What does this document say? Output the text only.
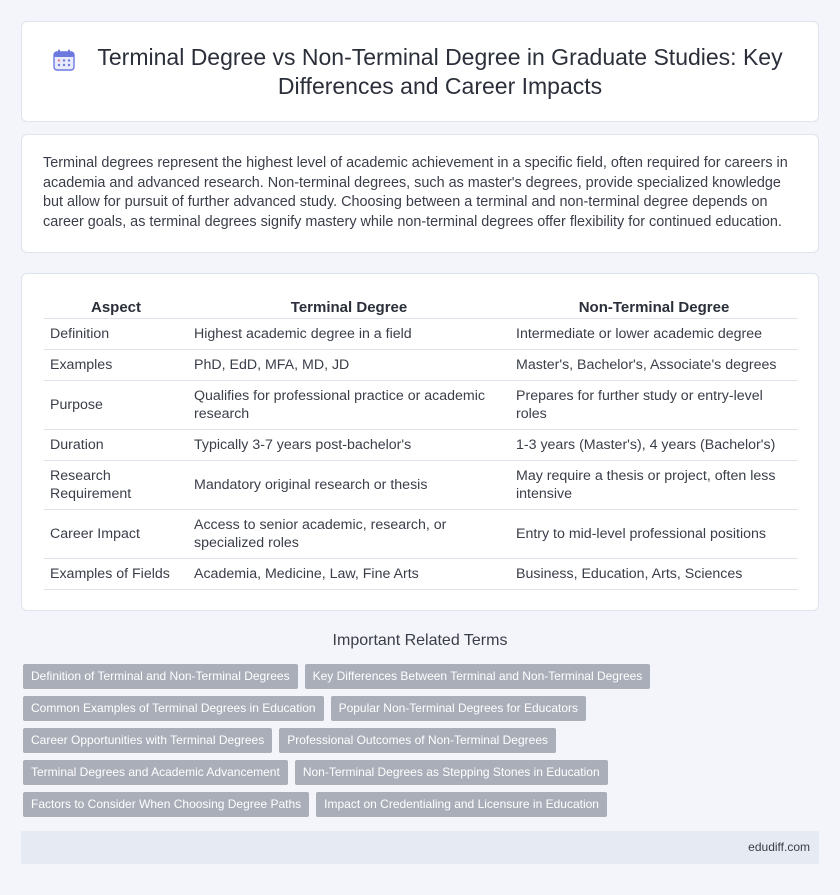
Terminal Degree vs Non-Terminal Degree in Graduate Studies: Key Differences and Career Impacts

Terminal degrees represent the highest level of academic achievement in a specific field, often required for careers in academia and advanced research. Non-terminal degrees, such as master's degrees, provide specialized knowledge but allow for pursuit of further advanced study. Choosing between a terminal and non-terminal degree depends on career goals, as terminal degrees signify mastery while non-terminal degrees offer flexibility for continued education.

Aspect	Terminal Degree	Non-Terminal Degree
Definition	Highest academic degree in a field	Intermediate or lower academic degree
Examples	PhD, EdD, MFA, MD, JD	Master's, Bachelor's, Associate's degrees
Purpose	Qualifies for professional practice or academic research	Prepares for further study or entry-level roles
Duration	Typically 3-7 years post-bachelor's	1-3 years (Master's), 4 years (Bachelor's)
Research Requirement	Mandatory original research or thesis	May require a thesis or project, often less intensive
Career Impact	Access to senior academic, research, or specialized roles	Entry to mid-level professional positions
Examples of Fields	Academia, Medicine, Law, Fine Arts	Business, Education, Arts, Sciences
Important Related Terms
Definition of Terminal and Non-Terminal Degrees	Key Differences Between Terminal and Non-Terminal Degrees
Common Examples of Terminal Degrees in Education	Popular Non-Terminal Degrees for Educators
Career Opportunities with Terminal Degrees	Professional Outcomes of Non-Terminal Degrees
Terminal Degrees and Academic Advancement	Non-Terminal Degrees as Stepping Stones in Education
Factors to Consider When Choosing Degree Paths	Impact on Credentialing and Licensure in Education
edudiff.com
